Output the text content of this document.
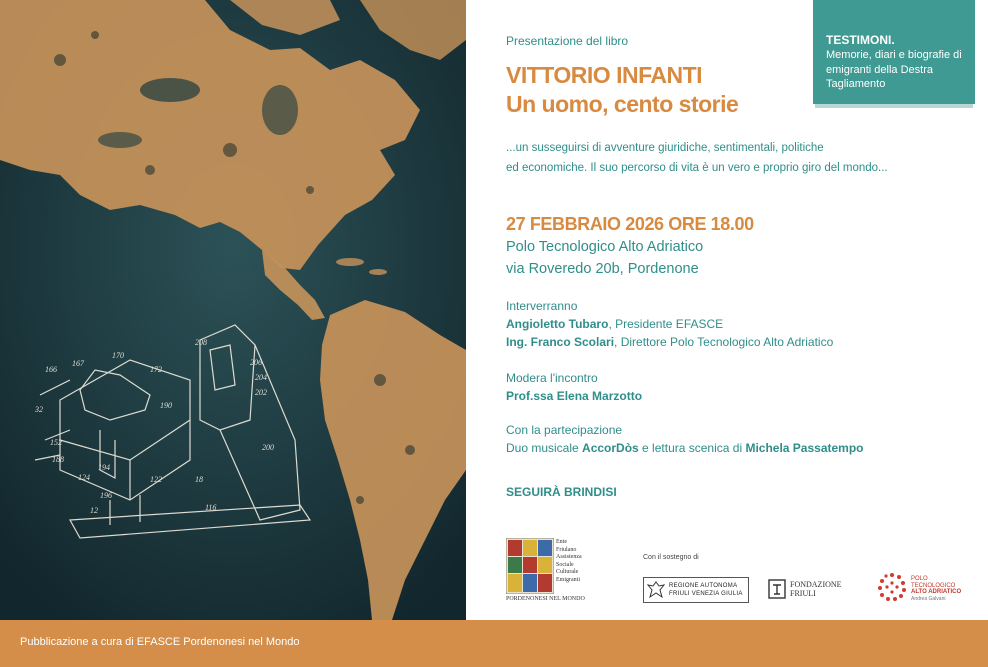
166
167
170
172
190
32
152
188
124
194
122
208
206
204
202
200
18
196
12	116
TESTIMONI.
Memorie, diari e biografie di emigranti della Destra Tagliamento

Presentazione del libro

VITTORIO INFANTI

Un uomo, cento storie

...un susseguirsi di avventure giuridiche, sentimentali, politiche

ed economiche. Il suo percorso di vita è un vero e proprio giro del mondo...

27 FEBBRAIO 2026 ORE 18.00

Polo Tecnologico Alto Adriatico

via Roveredo 20b, Pordenone

Interverranno

Angioletto Tubaro, Presidente EFASCE

Ing. Franco Scolari, Direttore Polo Tecnologico Alto Adriatico

Modera l'incontro

Prof.ssa Elena Marzotto

Con la partecipazione

Duo musicale AccorDòs e lettura scenica di Michela Passatempo

SEGUIRÀ BRINDISI

Ente
Friulano
Assistenza
Sociale
Culturale
Emigranti
PORDENONESI NEL MONDO

Con il sostegno di

REGIONE AUTONOMA
FRIULI VENEZIA GIULIA
FONDAZIONE
FRIULI
POLO
TECNOLOGICO
ALTO ADRIATICO
Andrea Galvani
Pubblicazione a cura di EFASCE Pordenonesi nel Mondo
